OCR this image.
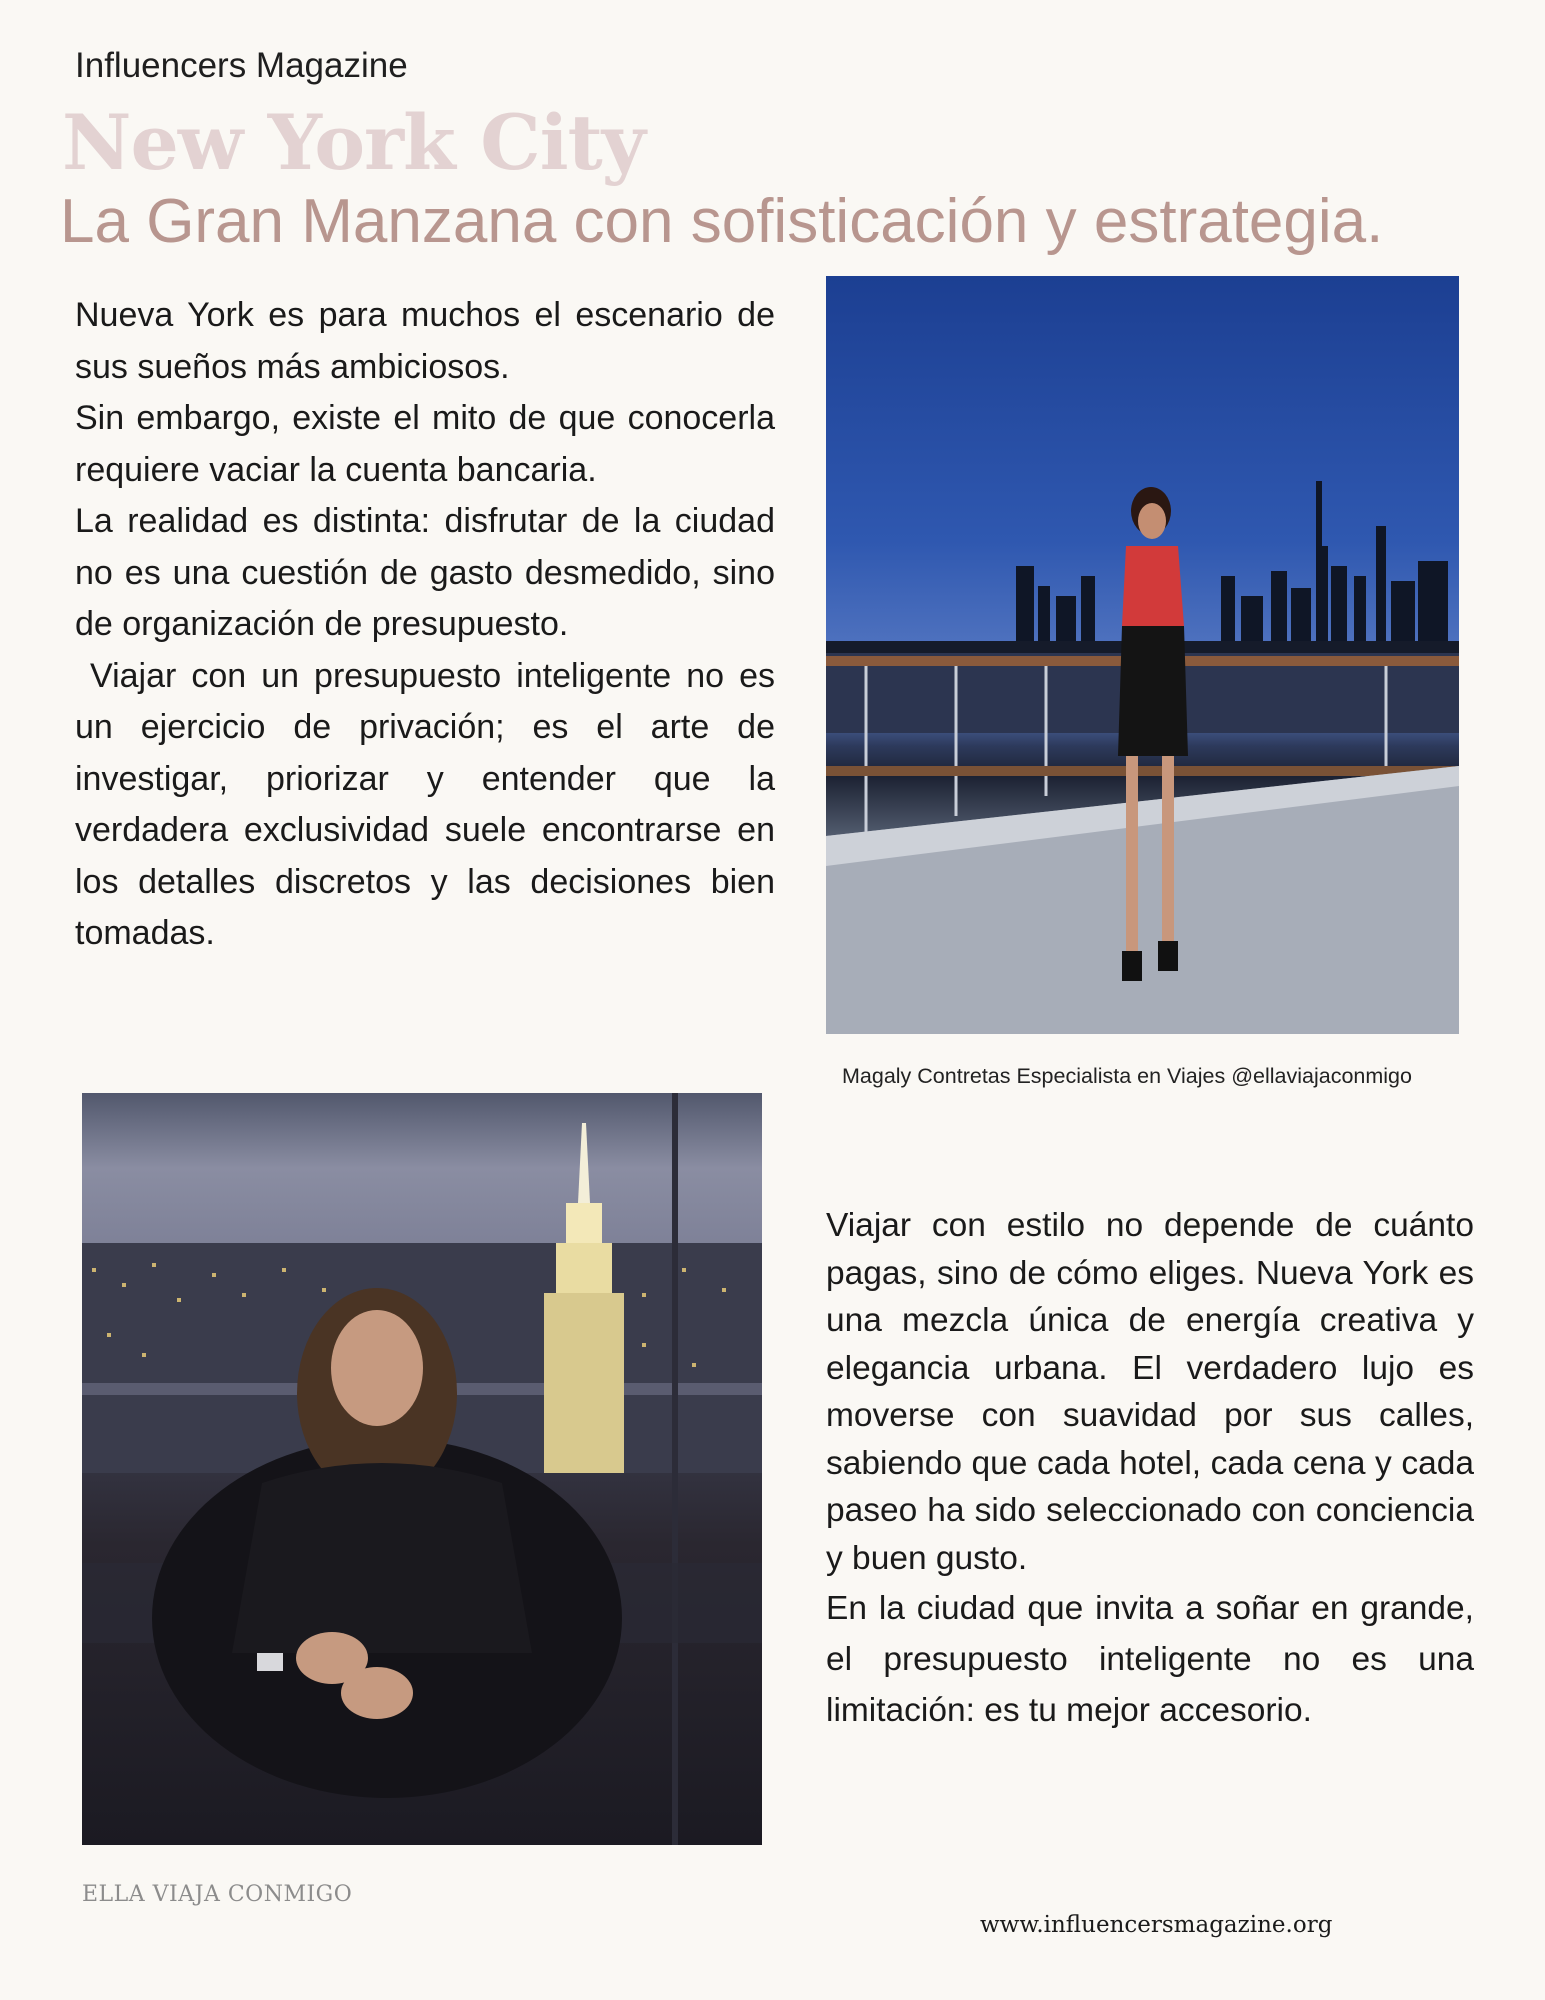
Influencers Magazine
New York City
La Gran Manzana con sofisticación y estrategia.

Nueva York es para muchos el escenario de sus sueños más ambiciosos.

Sin embargo, existe el mito de que conocerla requiere vaciar la cuenta bancaria.

La realidad es distinta: disfrutar de la ciudad no es una cuestión de gasto desmedido, sino de organización de presupuesto.

Viajar con un presupuesto inteligente no es un ejercicio de privación; es el arte de investigar, priorizar y entender que la verdadera exclusividad suele encontrarse en los detalles discretos y las decisiones bien tomadas.

Magaly Contretas Especialista en Viajes @ellaviajaconmigo

Viajar con estilo no depende de cuánto pagas, sino de cómo eliges. Nueva York es una mezcla única de energía creativa y elegancia urbana. El verdadero lujo es moverse con suavidad por sus calles, sabiendo que cada hotel, cada cena y cada paseo ha sido seleccionado con conciencia y buen gusto.

En la ciudad que invita a soñar en grande, el presupuesto inteligente no es una limitación: es tu mejor accesorio.

ELLA VIAJA CONMIGO
www.influencersmagazine.org
